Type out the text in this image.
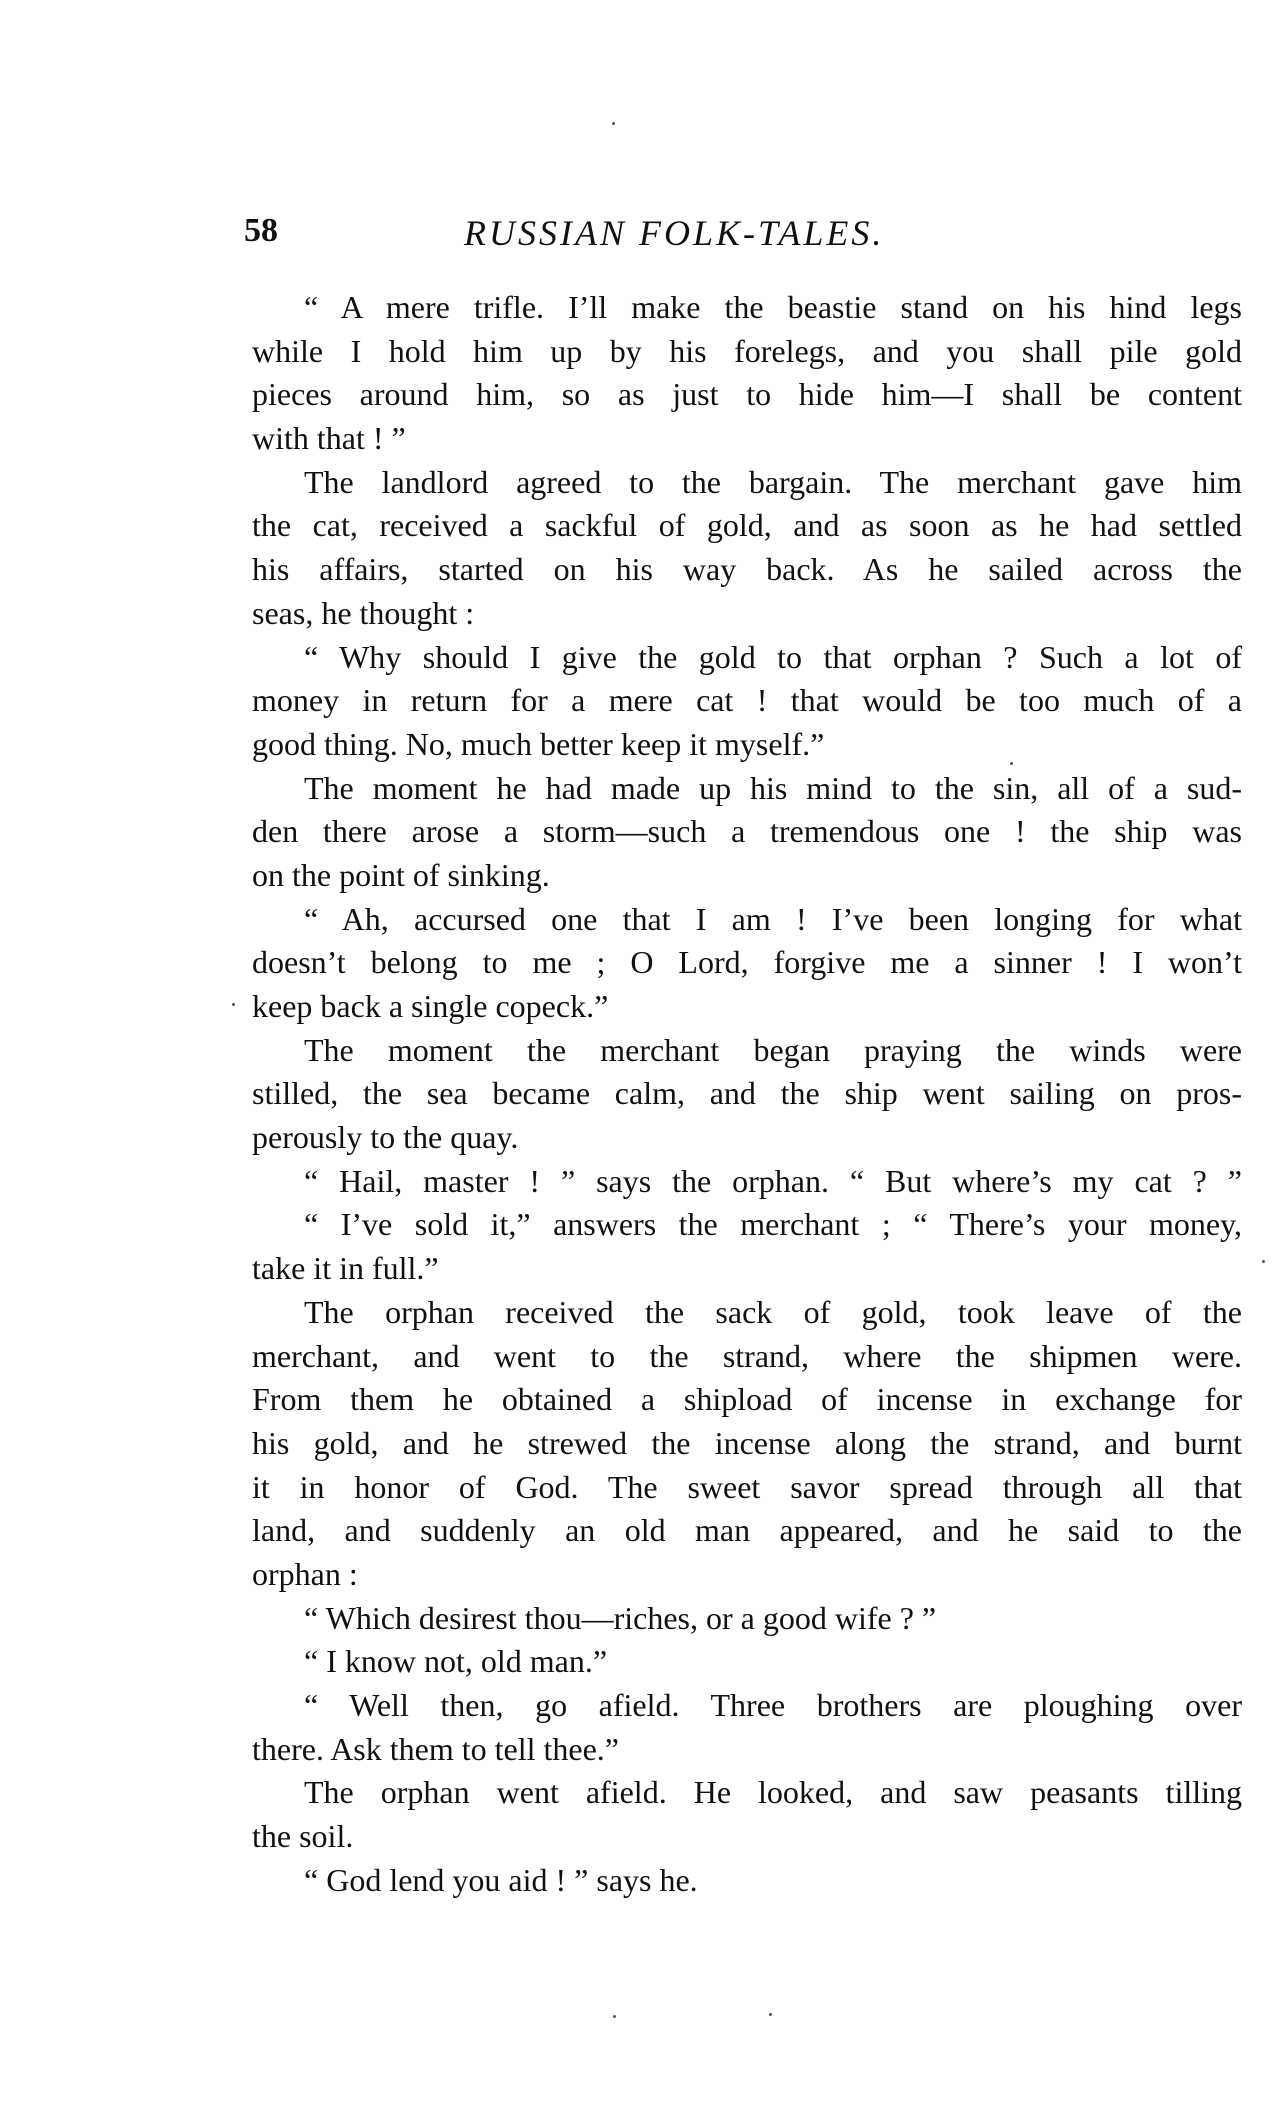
58	RUSSIAN FOLK-TALES.
“ A mere trifle. I’ll make the beastie stand on his hind legs
while I hold him up by his forelegs, and you shall pile gold
pieces around him, so as just to hide him—I shall be content
with that ! ”
The landlord agreed to the bargain. The merchant gave him
the cat, received a sackful of gold, and as soon as he had settled
his affairs, started on his way back. As he sailed across the
seas, he thought :
“ Why should I give the gold to that orphan ? Such a lot of
money in return for a mere cat ! that would be too much of a
good thing. No, much better keep it myself.”
The moment he had made up his mind to the sin, all of a sud-
den there arose a storm—such a tremendous one ! the ship was
on the point of sinking.
“ Ah, accursed one that I am ! I’ve been longing for what
doesn’t belong to me ; O Lord, forgive me a sinner ! I won’t
keep back a single copeck.”
The moment the merchant began praying the winds were
stilled, the sea became calm, and the ship went sailing on pros-
perously to the quay.
“ Hail, master ! ” says the orphan. “ But where’s my cat ? ”
“ I’ve sold it,” answers the merchant ; “ There’s your money,
take it in full.”
The orphan received the sack of gold, took leave of the
merchant, and went to the strand, where the shipmen were.
From them he obtained a shipload of incense in exchange for
his gold, and he strewed the incense along the strand, and burnt
it in honor of God. The sweet savor spread through all that
land, and suddenly an old man appeared, and he said to the
orphan :
“ Which desirest thou—riches, or a good wife ? ”
“ I know not, old man.”
“ Well then, go afield. Three brothers are ploughing over
there. Ask them to tell thee.”
The orphan went afield. He looked, and saw peasants tilling
the soil.
“ God lend you aid ! ” says he.
